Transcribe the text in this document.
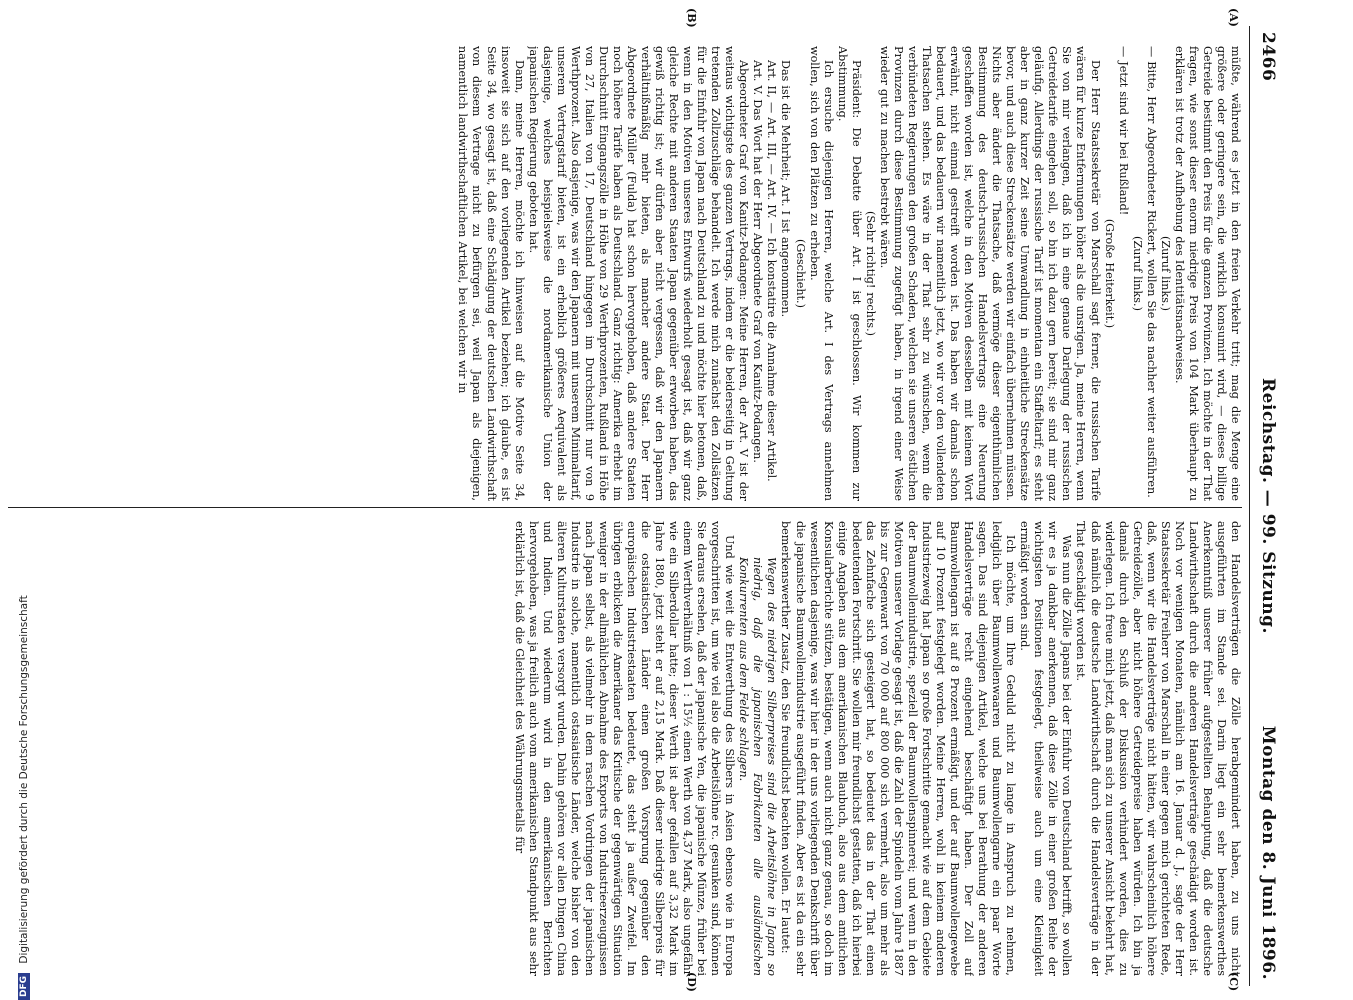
2466
Reichstag. — 99. Sitzung.
Montag den 8. Juni 1896.
(A)
(B)

müßte, während es jetzt in den freien Verkehr tritt; mag die Menge eine größere oder geringere sein, die wirklich konsumirt wird, — dieses billige Getreide bestimmt den Preis für die ganzen Provinzen. Ich möchte in der That fragen, wie sonst dieser enorm niedrige Preis von 104 Mark überhaupt zu erklären ist trotz der Aufhebung des Identitätsnachweises.

(Zuruf links.)

— Bitte, Herr Abgeordneter Rickert, wollen Sie das nachher weiter ausführen.

(Zuruf links.)

— Jetzt sind wir bei Rußland!

(Große Heiterkeit.)

Der Herr Staatssekretär von Marschall sagt ferner, die russischen Tarife wären für kurze Entfernungen höher als die unsrigen. Ja, meine Herren, wenn Sie von mir verlangen, daß ich in eine genaue Darlegung der russischen Getreidetarife eingehen soll, so bin ich dazu gern bereit; sie sind mir ganz geläufig. Allerdings der russische Tarif ist momentan ein Staffeltarif; es steht aber in ganz kurzer Zeit seine Umwandlung in einheitliche Streckensätze bevor, und auch diese Streckensätze werden wir einfach übernehmen müssen. Nichts aber ändert die Thatsache, daß vermöge dieser eigenthümlichen Bestimmung des deutsch-russischen Handelsvertrags eine Neuerung geschaffen worden ist, welche in den Motiven desselben mit keinem Wort erwähnt, nicht einmal gestreift worden ist. Das haben wir damals schon bedauert, und das bedauern wir namentlich jetzt, wo wir vor den vollendeten Thatsachen stehen. Es wäre in der That sehr zu wünschen, wenn die verbündeten Regierungen den großen Schaden, welchen sie unseren östlichen Provinzen durch diese Bestimmung zugefügt haben, in irgend einer Weise wieder gut zu machen bestrebt wären.

(Sehr richtig! rechts.)

Präsident: Die Debatte über Art. I ist geschlossen. Wir kommen zur Abstimmung.

Ich ersuche diejenigen Herren, welche Art. I des Vertrags annehmen wollen, sich von den Plätzen zu erheben.

(Geschieht.)

Das ist die Mehrheit; Art. I ist angenommen.

Art. II, — Art. III, — Art. IV. — Ich konstatire die Annahme dieser Artikel.

Art. V. Das Wort hat der Herr Abgeordnete Graf von Kanitz-Podangen.

Abgeordneter Graf von Kanitz-Podangen: Meine Herren, der Art. V ist der weitaus wichtigste des ganzen Vertrags, indem er die beiderseitig in Geltung tretenden Zollzuschläge behandelt. Ich werde mich zunächst den Zollsätzen für die Einfuhr von Japan nach Deutschland zu und möchte hier betonen, daß, wenn in den Motiven unseres Entwurfs wiederholt gesagt ist, daß wir ganz gleiche Rechte mit anderen Staaten Japan gegenüber erworben haben, das gewiß richtig ist; wir dürfen aber nicht vergessen, daß wir den Japanern verhältnißmäßig mehr bieten, als mancher andere Staat. Der Herr Abgeordnete Müller (Fulda) hat schon hervorgehoben, daß andere Staaten noch höhere Tarife haben als Deutschland. Ganz richtig: Amerika erhebt im Durchschnitt Eingangszölle in Höhe von 29 Werthprozenten, Rußland in Höhe von 27, Italien von 17, Deutschland hingegen im Durchschnitt nur von 9 Werthprozent. Also dasjenige, was wir den Japanern mit unserem Minimaltarif, unserem Vertragstarif bieten, ist ein erheblich größeres Aequivalent als dasjenige, welches beispielsweise die nordamerikanische Union der japanischen Regierung geboten hat.

Dann, meine Herren, möchte ich hinweisen auf die Motive Seite 34, insoweit sie sich auf den vorliegenden Artikel beziehen; ich glaube, es ist Seite 34, wo gesagt ist, daß eine Schädigung der deutschen Landwirthschaft von diesem Vertrage nicht zu befürgen sei, weil Japan als diejenigen, namentlich landwirthschaftlichen Artikel, bei welchen wir in

(C)
(D)

den Handelsverträgen die Zölle herabgemindert haben, zu uns nicht ausgeführten im Stande sei. Darin liegt ein sehr bemerkenswerthes Anerkenntniß unserer früher aufgestellten Behauptung, daß die deutsche Landwirthschaft durch die anderen Handelsverträge geschädigt worden ist. Noch vor wenigen Monaten, nämlich am 16. Januar d. J., sagte der Herr Staatssekretär Freiherr von Marschall in einer gegen mich gerichteten Rede, daß, wenn wir die Handelsverträge nicht hätten, wir wahrscheinlich höhere Getreidezölle, aber nicht höhere Getreidepreise haben würden. Ich bin ja damals durch den Schluß der Diskussion verhindert worden, dies zu widerlegen. Ich freue mich jetzt, daß man sich zu unserer Ansicht bekehrt hat, daß nämlich die deutsche Landwirthschaft durch die Handelsverträge in der That geschädigt worden ist.

Was nun die Zölle Japans bei der Einfuhr von Deutschland betrifft, so wollen wir es ja dankbar anerkennen, daß diese Zölle in einer großen Reihe der wichtigsten Positionen festgelegt, theilweise auch um eine Kleinigkeit ermäßigt worden sind.

Ich möchte, um Ihre Geduld nicht zu lange in Anspruch zu nehmen, lediglich über Baumwollenwaaren und Baumwollengarne ein paar Worte sagen. Das sind diejenigen Artikel, welche uns bei Berathung der anderen Handelsverträge recht eingehend beschäftigt haben. Der Zoll auf Baumwollengarn ist auf 8 Prozent ermäßigt, und der auf Baumwollengewebe auf 10 Prozent festgelegt worden. Meine Herren, wohl in keinem anderen Industriezweig hat Japan so große Fortschritte gemacht wie auf dem Gebiete der Baumwollenindustrie, speziell der Baumwollenspinnerei; und wenn in den Motiven unserer Vorlage gesagt ist, daß die Zahl der Spindeln vom Jahre 1887 bis zur Gegenwart von 70 000 auf 800 000 sich vermehrt, also um mehr als das Zehnfache sich gesteigert hat, so bedeutet das in der That einen bedeutenden Fortschritt. Sie wollen mir freundlichst gestatten, daß ich hierbei einige Angaben aus dem amerikanischen Blaubuch, also aus dem amtlichen Konsularberichte stützen, bestätigen, wenn auch nicht ganz genau, so doch im wesentlichen dasjenige, was wir hier in der uns vorliegenden Denkschrift über die japanische Baumwollenindustrie ausgeführt finden. Aber es ist da ein sehr bemerkenswerther Zusatz, den Sie freundlichst beachten wollen. Er lautet:

Wegen des niedrigen Silberpreises sind die Arbeitslöhne in Japan so niedrig, daß die japanischen Fabrikanten alle ausländischen Konkurrenten aus dem Felde schlagen.

Und wie weit die Entwerthung des Silbers in Asien ebenso wie in Europa vorgeschritten ist, um wie viel also die Arbeitslöhne rc. gesunken sind, können Sie daraus ersehen, daß der japanische Yen, die japanische Münze, früher bei einem Werthverhältniß von 1 : 15½ einen Werth von 4,37 Mark, also ungefähr wie ein Silberdollar hatte; dieser Werth ist aber gefallen auf 3,32 Mark im Jahre 1880, jetzt steht er auf 2,15 Mark. Daß dieser niedrige Silberpreis für die ostasiatischen Länder einen großen Vorsprung gegenüber den europäischen Industriestaaten bedeutet, das steht ja außer Zweifel. Im übrigen erblicken die Amerikaner das Kritische der gegenwärtigen Situation weniger in der allmählichen Abnahme des Exports von Industrieerzeugnissen nach Japan selbst, als vielmehr in dem raschen Vordringen der japanischen Industrie in solche, namentlich ostasiatische Länder, welche bisher von den älteren Kulturstaaten versorgt wurden. Dahin gehören vor allen Dingen China und Indien. Und wiederum wird in den amerikanischen Berichten hervorgehoben, was ja freilich auch vom amerikanischen Standpunkt aus sehr erklärlich ist, daß die Gleichheit des Währungsmetalls für

DFG Digitalisierung gefördert durch die Deutsche Forschungsgemeinschaft
